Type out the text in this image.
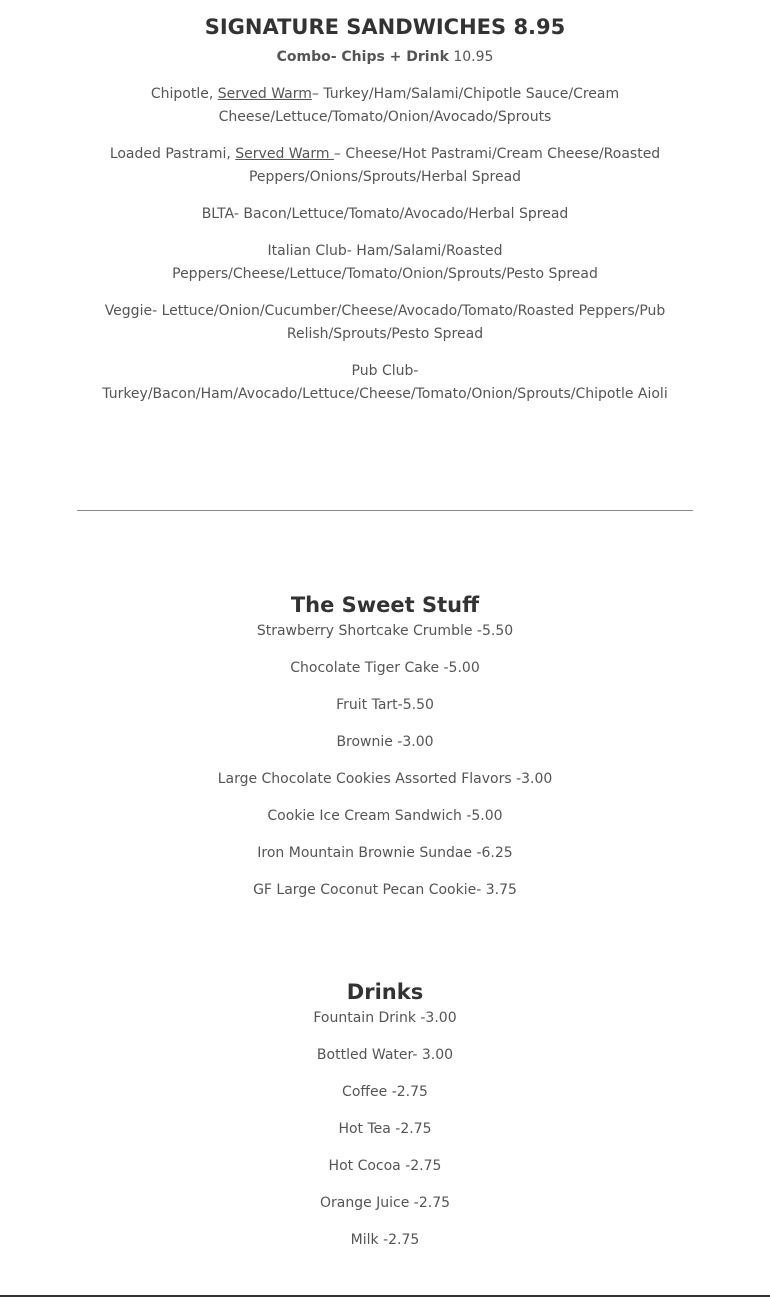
SIGNATURE SANDWICHES 8.95
Combo- Chips + Drink 10.95
Chipotle, Served Warm– Turkey/Ham/Salami/Chipotle Sauce/Cream Cheese/Lettuce/Tomato/Onion/Avocado/Sprouts
Loaded Pastrami, Served Warm – Cheese/Hot Pastrami/Cream Cheese/Roasted Peppers/Onions/Sprouts/Herbal Spread
BLTA- Bacon/Lettuce/Tomato/Avocado/Herbal Spread
Italian Club- Ham/Salami/Roasted Peppers/Cheese/Lettuce/Tomato/Onion/Sprouts/Pesto Spread
Veggie- Lettuce/Onion/Cucumber/Cheese/Avocado/Tomato/Roasted Peppers/Pub Relish/Sprouts/Pesto Spread
Pub Club- Turkey/Bacon/Ham/Avocado/Lettuce/Cheese/Tomato/Onion/Sprouts/Chipotle Aioli
The Sweet Stuff
Strawberry Shortcake Crumble -5.50
Chocolate Tiger Cake -5.00
Fruit Tart-5.50
Brownie -3.00
Large Chocolate Cookies Assorted Flavors -3.00
Cookie Ice Cream Sandwich -5.00
Iron Mountain Brownie Sundae -6.25
GF Large Coconut Pecan Cookie- 3.75
Drinks
Fountain Drink -3.00
Bottled Water- 3.00
Coffee -2.75
Hot Tea -2.75
Hot Cocoa -2.75
Orange Juice -2.75
Milk -2.75
